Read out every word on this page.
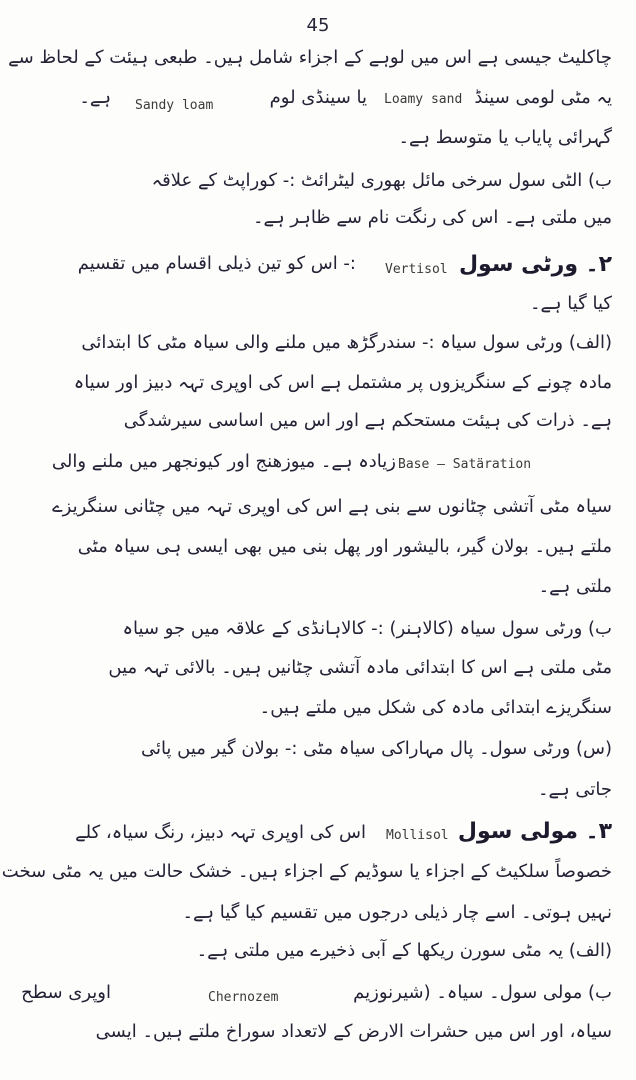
45
چاکلیٹ جیسی ہے اس میں لوہے کے اجزاء شامل ہیں۔ طبعی ہیئت کے لحاظ سے
یہ مٹی لومی سینڈ
Loamy sand
یا سینڈی لوم
Sandy loam
ہے۔
گہرائی پایاب یا متوسط ہے۔
ب) الٹی سول سرخی مائل بھوری لیٹرائٹ :- کوراپٹ کے علاقہ
میں ملتی ہے۔ اس کی رنگت نام سے ظاہر ہے۔
۲۔ ورٹی سول
Vertisol
:- اس کو تین ذیلی اقسام میں تقسیم
کیا گیا ہے۔
(الف) ورٹی سول سیاہ :- سندرگڑھ میں ملنے والی سیاہ مٹی کا ابتدائی
مادہ چونے کے سنگریزوں پر مشتمل ہے اس کی اوپری تہہ دبیز اور سیاہ
ہے۔ ذرات کی ہیئت مستحکم ہے اور اس میں اساسی سیرشدگی
Base — Satäration
زیادہ ہے۔ میوزھنج اور کیونجھر میں ملنے والی
سیاہ مٹی آتشی چٹانوں سے بنی ہے اس کی اوپری تہہ میں چٹانی سنگریزے
ملتے ہیں۔ بولان گیر، بالیشور اور پھل بنی میں بھی ایسی ہی سیاہ مٹی
ملتی ہے۔
ب) ورٹی سول سیاہ (کالاہنر) :- کالاہانڈی کے علاقہ میں جو سیاہ
مٹی ملتی ہے اس کا ابتدائی مادہ آتشی چٹانیں ہیں۔ بالائی تہہ میں
سنگریزے ابتدائی مادہ کی شکل میں ملتے ہیں۔
(س) ورٹی سول۔ پال مہاراکی سیاہ مٹی :- بولان گیر میں پائی
جاتی ہے۔
۳۔ مولی سول
Mollisol
اس کی اوپری تہہ دبیز، رنگ سیاہ، کلے
خصوصاً سلکیٹ کے اجزاء یا سوڈیم کے اجزاء ہیں۔ خشک حالت میں یہ مٹی سخت
نہیں ہوتی۔ اسے چار ذیلی درجوں میں تقسیم کیا گیا ہے۔
(الف) یہ مٹی سورن ریکھا کے آبی ذخیرے میں ملتی ہے۔
ب) مولی سول۔ سیاہ۔ (شیرنوزیم
Chernozem
اوپری سطح
سیاہ، اور اس میں حشرات الارض کے لاتعداد سوراخ ملتے ہیں۔ ایسی
